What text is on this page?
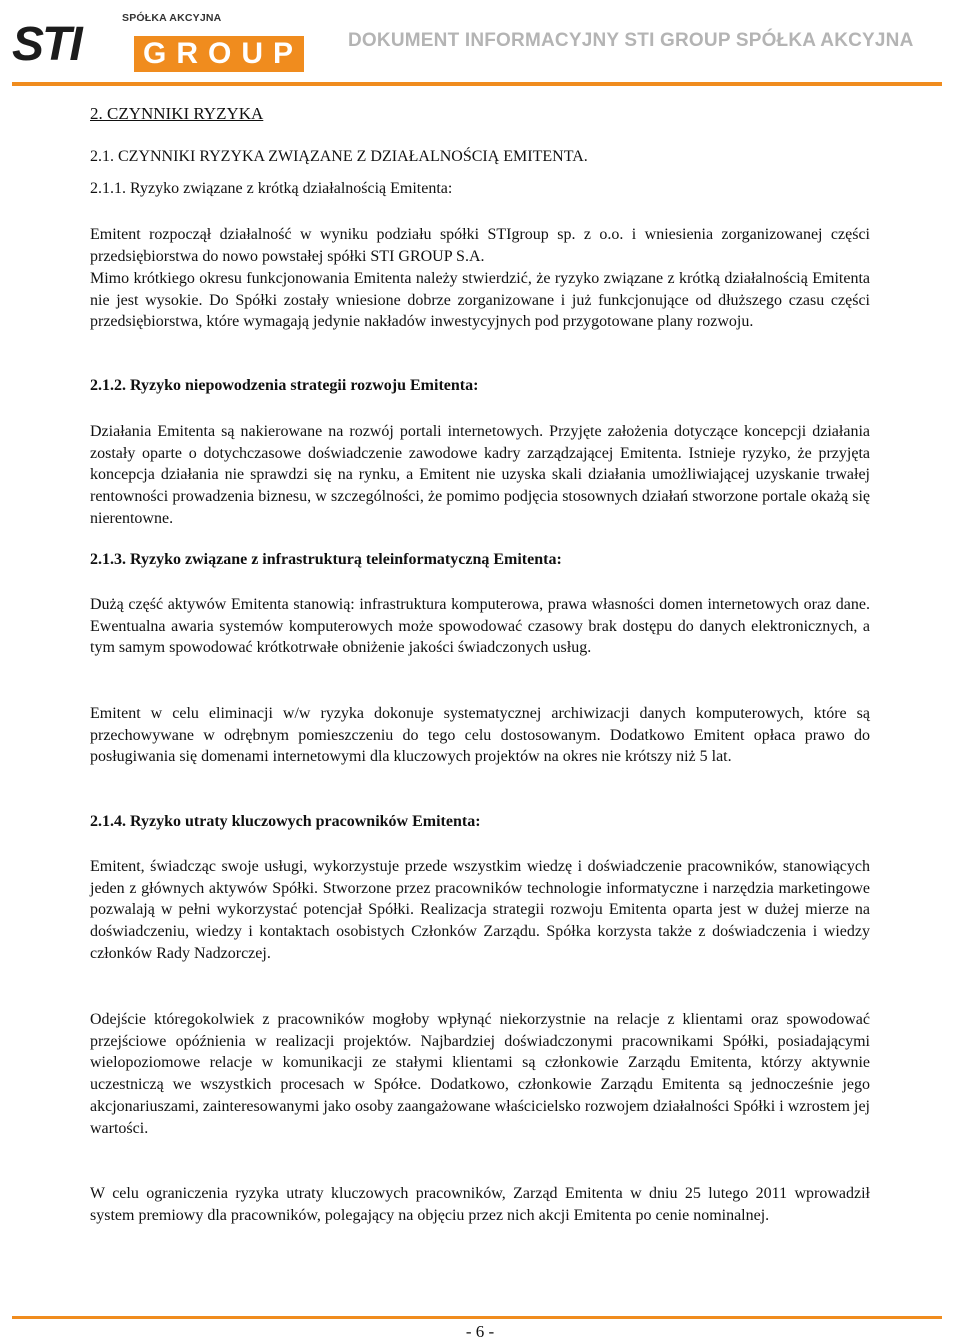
SPÓŁKA AKCYJNA
STI GROUP DOKUMENT INFORMACYJNY STI GROUP SPÓŁKA AKCYJNA
2. CZYNNIKI RYZYKA
2.1. CZYNNIKI RYZYKA ZWIĄZANE Z DZIAŁALNOŚCIĄ EMITENTA.
2.1.1. Ryzyko związane z krótką działalnością Emitenta:
Emitent rozpoczął działalność w wyniku podziału spółki STIgroup sp. z o.o. i wniesienia zorganizowanej części przedsiębiorstwa do nowo powstałej spółki STI GROUP S.A.
Mimo krótkiego okresu funkcjonowania Emitenta należy stwierdzić, że ryzyko związane z krótką działalnością Emitenta nie jest wysokie. Do Spółki zostały wniesione dobrze zorganizowane i już funkcjonujące od dłuższego czasu części przedsiębiorstwa, które wymagają jedynie nakładów inwestycyjnych pod przygotowane plany rozwoju.
2.1.2. Ryzyko niepowodzenia strategii rozwoju Emitenta:
Działania Emitenta są nakierowane na rozwój portali internetowych. Przyjęte założenia dotyczące koncepcji działania zostały oparte o dotychczasowe doświadczenie zawodowe kadry zarządzającej Emitenta. Istnieje ryzyko, że przyjęta koncepcja działania nie sprawdzi się na rynku, a Emitent nie uzyska skali działania umożliwiającej uzyskanie trwałej rentowności prowadzenia biznesu, w szczególności, że pomimo podjęcia stosownych działań stworzone portale okażą się nierentowne.
2.1.3. Ryzyko związane z infrastrukturą teleinformatyczną Emitenta:
Dużą część aktywów Emitenta stanowią: infrastruktura komputerowa, prawa własności domen internetowych oraz dane. Ewentualna awaria systemów komputerowych może spowodować czasowy brak dostępu do danych elektronicznych, a tym samym spowodować krótkotrwałe obniżenie jakości świadczonych usług.
Emitent w celu eliminacji w/w ryzyka dokonuje systematycznej archiwizacji danych komputerowych, które są przechowywane w odrębnym pomieszczeniu do tego celu dostosowanym. Dodatkowo Emitent opłaca prawo do posługiwania się domenami internetowymi dla kluczowych projektów na okres nie krótszy niż 5 lat.
2.1.4. Ryzyko utraty kluczowych pracowników Emitenta:
Emitent, świadcząc swoje usługi, wykorzystuje przede wszystkim wiedzę i doświadczenie pracowników, stanowiących jeden z głównych aktywów Spółki. Stworzone przez pracowników technologie informatyczne i narzędzia marketingowe pozwalają w pełni wykorzystać potencjał Spółki. Realizacja strategii rozwoju Emitenta oparta jest w dużej mierze na doświadczeniu, wiedzy i kontaktach osobistych Członków Zarządu. Spółka korzysta także z doświadczenia i wiedzy członków Rady Nadzorczej.
Odejście któregokolwiek z pracowników mogłoby wpłynąć niekorzystnie na relacje z klientami oraz spowodować przejściowe opóźnienia w realizacji projektów. Najbardziej doświadczonymi pracownikami Spółki, posiadającymi wielopoziomowe relacje w komunikacji ze stałymi klientami są członkowie Zarządu Emitenta, którzy aktywnie uczestniczą we wszystkich procesach w Spółce. Dodatkowo, członkowie Zarządu Emitenta są jednocześnie jego akcjonariuszami, zainteresowanymi jako osoby zaangażowane właścicielsko rozwojem działalności Spółki i wzrostem jej wartości.
W celu ograniczenia ryzyka utraty kluczowych pracowników, Zarząd Emitenta w dniu 25 lutego 2011 wprowadził system premiowy dla pracowników, polegający na objęciu przez nich akcji Emitenta po cenie nominalnej.
- 6 -
